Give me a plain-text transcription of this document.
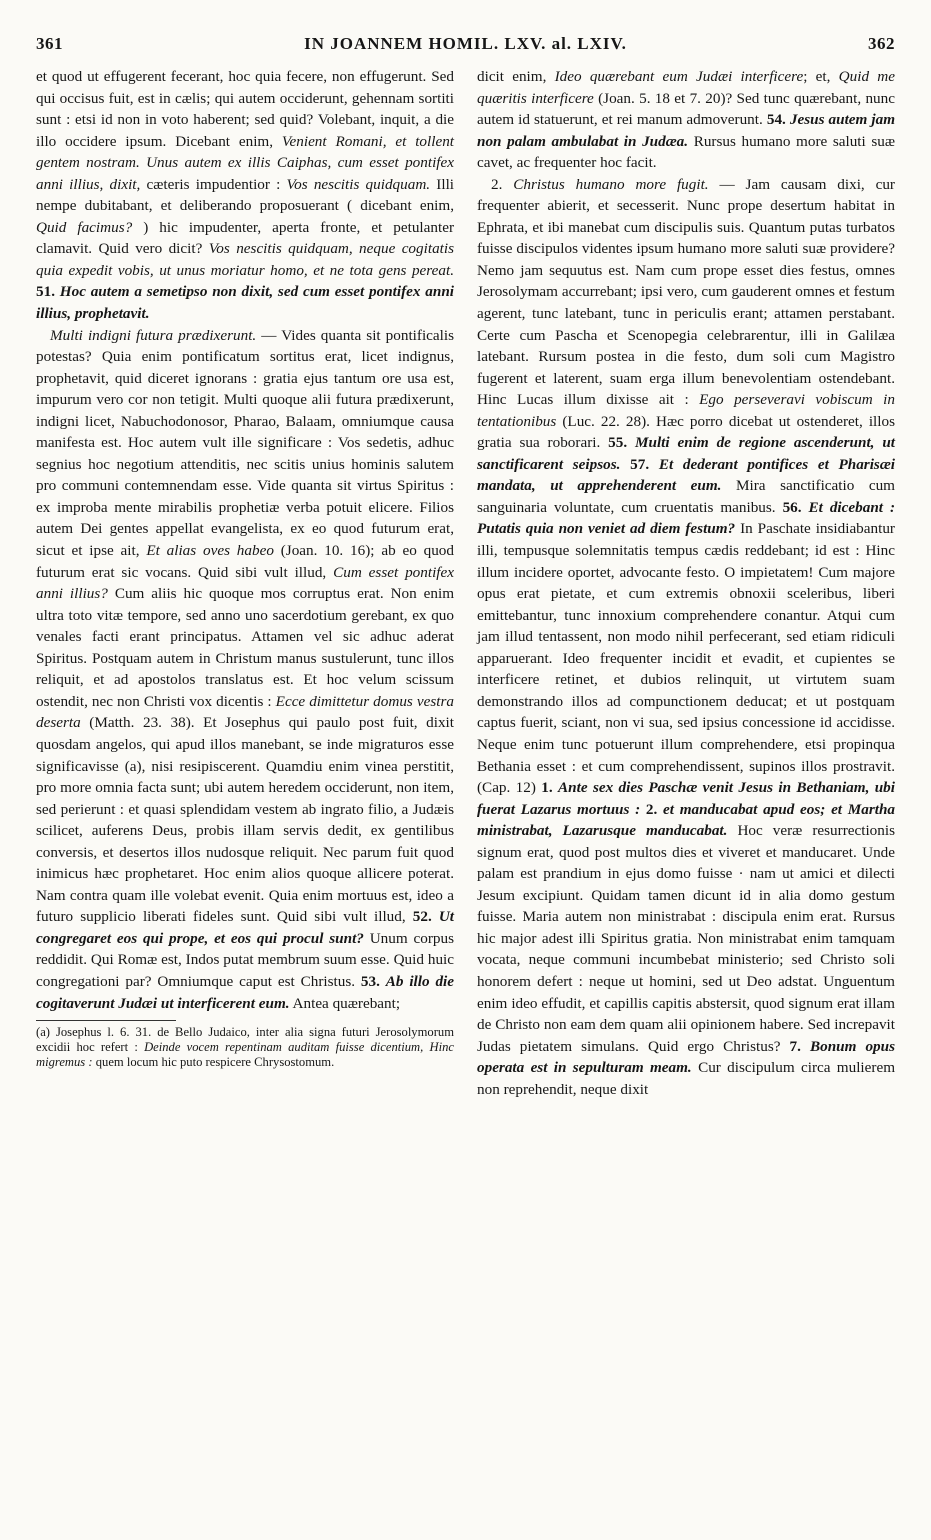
361	IN JOANNEM HOMIL. LXV. al. LXIV.	362

et quod ut effugerent fecerant, hoc quia fecere, non effugerunt. Sed qui occisus fuit, est in cælis; qui autem occiderunt, gehennam sortiti sunt : etsi id non in voto haberent; sed quid? Volebant, inquit, a die illo occidere ipsum. Dicebant enim, Venient Romani, et tollent gentem nostram. Unus autem ex illis Caiphas, cum esset pontifex anni illius, dixit, cæteris impudentior : Vos nescitis quidquam. Illi nempe dubitabant, et deliberando proposuerant ( dicebant enim, Quid facimus? ) hic impudenter, aperta fronte, et petulanter clamavit. Quid vero dicit? Vos nescitis quidquam, neque cogitatis quia expedit vobis, ut unus moriatur homo, et ne tota gens pereat. 51. Hoc autem a semetipso non dixit, sed cum esset pontifex anni illius, prophetavit.

Multi indigni futura prædixerunt. — Vides quanta sit pontificalis potestas? Quia enim pontificatum sortitus erat, licet indignus, prophetavit, quid diceret ignorans : gratia ejus tantum ore usa est, impurum vero cor non tetigit. Multi quoque alii futura prædixerunt, indigni licet, Nabuchodonosor, Pharao, Balaam, omniumque causa manifesta est. Hoc autem vult ille significare : Vos sedetis, adhuc segnius hoc negotium attenditis, nec scitis unius hominis salutem pro communi contemnendam esse. Vide quanta sit virtus Spiritus : ex improba mente mirabilis prophetiæ verba potuit elicere. Filios autem Dei gentes appellat evangelista, ex eo quod futurum erat, sicut et ipse ait, Et alias oves habeo (Joan. 10. 16); ab eo quod futurum erat sic vocans. Quid sibi vult illud, Cum esset pontifex anni illius? Cum aliis hic quoque mos corruptus erat. Non enim ultra toto vitæ tempore, sed anno uno sacerdotium gerebant, ex quo venales facti erant principatus. Attamen vel sic adhuc aderat Spiritus. Postquam autem in Christum manus sustulerunt, tunc illos reliquit, et ad apostolos translatus est. Et hoc velum scissum ostendit, nec non Christi vox dicentis : Ecce dimittetur domus vestra deserta (Matth. 23. 38). Et Josephus qui paulo post fuit, dixit quosdam angelos, qui apud illos manebant, se inde migraturos esse significavisse (a), nisi resipiscerent. Quamdiu enim vinea perstitit, pro more omnia facta sunt; ubi autem heredem occiderunt, non item, sed perierunt : et quasi splendidam vestem ab ingrato filio, a Judæis scilicet, auferens Deus, probis illam servis dedit, ex gentilibus conversis, et desertos illos nudosque reliquit. Nec parum fuit quod inimicus hæc prophetaret. Hoc enim alios quoque allicere poterat. Nam contra quam ille volebat evenit. Quia enim mortuus est, ideo a futuro supplicio liberati fideles sunt. Quid sibi vult illud, 52. Ut congregaret eos qui prope, et eos qui procul sunt? Unum corpus reddidit. Qui Romæ est, Indos putat membrum suum esse. Quid huic congregationi par? Omniumque caput est Christus. 53. Ab illo die cogitaverunt Judæi ut interficerent eum. Antea quærebant;

(a) Josephus l. 6. 31. de Bello Judaico, inter alia signa futuri Jerosolymorum excidii hoc refert : Deinde vocem repentinam auditam fuisse dicentium, Hinc migremus : quem locum hic puto respicere Chrysostomum.

dicit enim, Ideo quærebant eum Judæi interficere; et, Quid me quæritis interficere (Joan. 5. 18 et 7. 20)? Sed tunc quærebant, nunc autem id statuerunt, et rei manum admoverunt. 54. Jesus autem jam non palam ambulabat in Judæa. Rursus humano more saluti suæ cavet, ac frequenter hoc facit.

2. Christus humano more fugit. — Jam causam dixi, cur frequenter abierit, et secesserit. Nunc prope desertum habitat in Ephrata, et ibi manebat cum discipulis suis. Quantum putas turbatos fuisse discipulos videntes ipsum humano more saluti suæ providere? Nemo jam sequutus est. Nam cum prope esset dies festus, omnes Jerosolymam accurrebant; ipsi vero, cum gauderent omnes et festum agerent, tunc latebant, tunc in periculis erant; attamen perstabant. Certe cum Pascha et Scenopegia celebrarentur, illi in Galilæa latebant. Rursum postea in die festo, dum soli cum Magistro fugerent et laterent, suam erga illum benevolentiam ostendebant. Hinc Lucas illum dixisse ait : Ego perseveravi vobiscum in tentationibus (Luc. 22. 28). Hæc porro dicebat ut ostenderet, illos gratia sua roborari. 55. Multi enim de regione ascenderunt, ut sanctificarent seipsos. 57. Et dederant pontifices et Pharisæi mandata, ut apprehenderent eum. Mira sanctificatio cum sanguinaria voluntate, cum cruentatis manibus. 56. Et dicebant : Putatis quia non veniet ad diem festum? In Paschate insidiabantur illi, tempusque solemnitatis tempus cædis reddebant; id est : Hinc illum incidere oportet, advocante festo. O impietatem! Cum majore opus erat pietate, et cum extremis obnoxii sceleribus, liberi emittebantur, tunc innoxium comprehendere conantur. Atqui cum jam illud tentassent, non modo nihil perfecerant, sed etiam ridiculi apparuerant. Ideo frequenter incidit et evadit, et cupientes se interficere retinet, et dubios relinquit, ut virtutem suam demonstrando illos ad compunctionem deducat; et ut postquam captus fuerit, sciant, non vi sua, sed ipsius concessione id accidisse. Neque enim tunc potuerunt illum comprehendere, etsi propinqua Bethania esset : et cum comprehendissent, supinos illos prostravit. (Cap. 12) 1. Ante sex dies Paschæ venit Jesus in Bethaniam, ubi fuerat Lazarus mortuus : 2. et manducabat apud eos; et Martha ministrabat, Lazarusque manducabat. Hoc veræ resurrectionis signum erat, quod post multos dies et viveret et manducaret. Unde palam est prandium in ejus domo fuisse · nam ut amici et dilecti Jesum excipiunt. Quidam tamen dicunt id in alia domo gestum fuisse. Maria autem non ministrabat : discipula enim erat. Rursus hic major adest illi Spiritus gratia. Non ministrabat enim tamquam vocata, neque communi incumbebat ministerio; sed Christo soli honorem defert : neque ut homini, sed ut Deo adstat. Unguentum enim ideo effudit, et capillis capitis abstersit, quod signum erat illam de Christo non eam dem quam alii opinionem habere. Sed increpavit Judas pietatem simulans. Quid ergo Christus? 7. Bonum opus operata est in sepulturam meam. Cur discipulum circa mulierem non reprehendit, neque dixit
